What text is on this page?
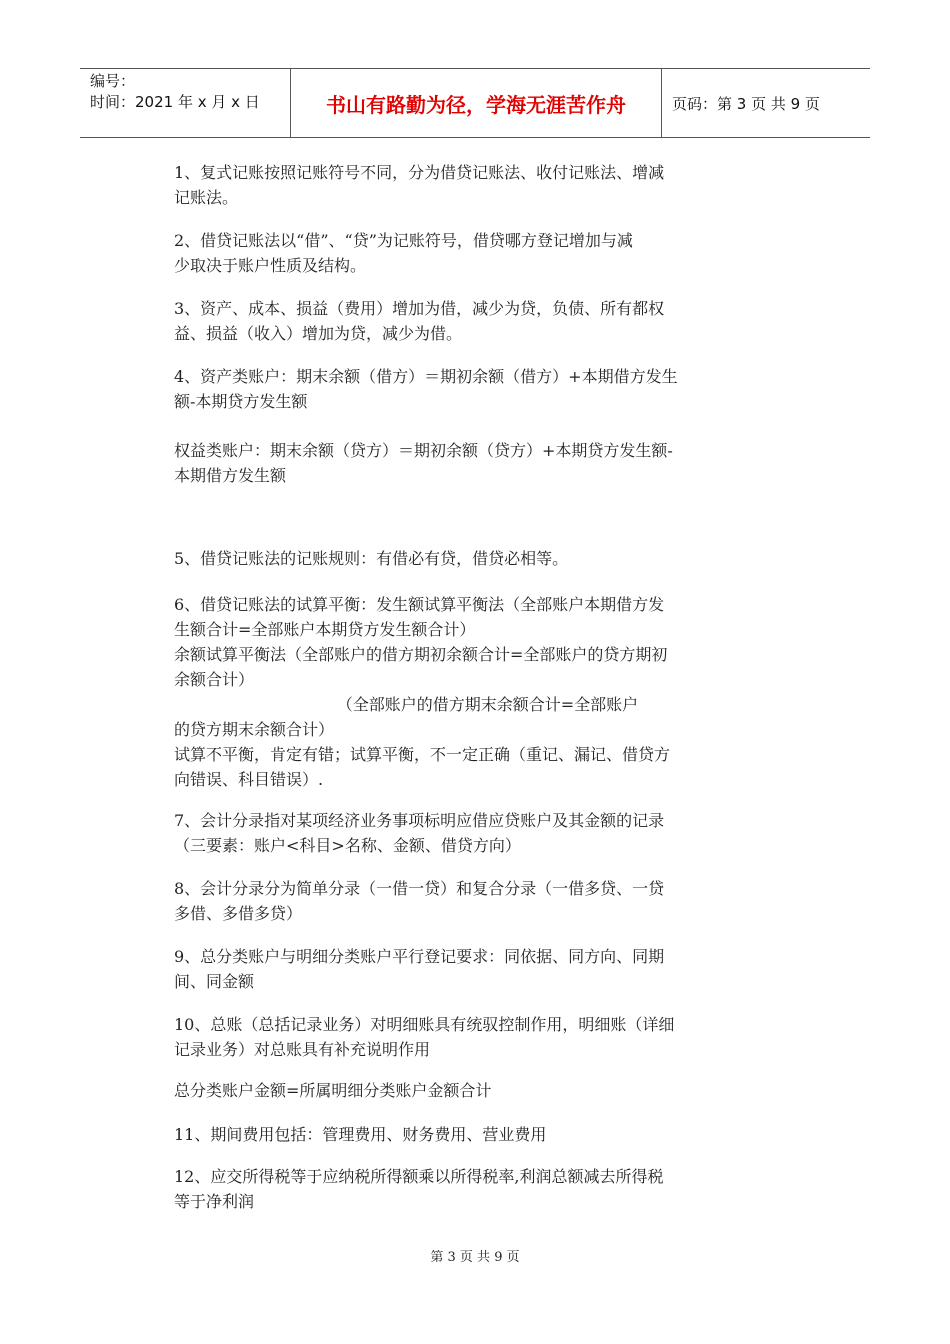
编号：
时间：2021 年 x 月 x 日	书山有路勤为径，学海无涯苦作舟	页码：第 3 页 共 9 页

1、复式记账按照记账符号不同，分为借贷记账法、收付记账法、增减
记账法。

2、借贷记账法以“借”、“贷”为记账符号，借贷哪方登记增加与减
少取决于账户性质及结构。

3、资产、成本、损益（费用）增加为借，减少为贷，负债、所有都权
益、损益（收入）增加为贷，减少为借。

4、资产类账户：期末余额（借方）＝期初余额（借方）+本期借方发生
额-本期贷方发生额

权益类账户：期末余额（贷方）＝期初余额（贷方）+本期贷方发生额-
本期借方发生额

5、借贷记账法的记账规则：有借必有贷，借贷必相等。

6、借贷记账法的试算平衡：发生额试算平衡法（全部账户本期借方发
生额合计=全部账户本期贷方发生额合计）
余额试算平衡法（全部账户的借方期初余额合计=全部账户的贷方期初
余额合计）
（全部账户的借方期末余额合计=全部账户
的贷方期末余额合计）
试算不平衡，肯定有错；试算平衡，不一定正确（重记、漏记、借贷方
向错误、科目错误）.

7、会计分录指对某项经济业务事项标明应借应贷账户及其金额的记录
（三要素：账户<科目>名称、金额、借贷方向）

8、会计分录分为简单分录（一借一贷）和复合分录（一借多贷、一贷
多借、多借多贷）

9、总分类账户与明细分类账户平行登记要求：同依据、同方向、同期
间、同金额

10、总账（总括记录业务）对明细账具有统驭控制作用，明细账（详细
记录业务）对总账具有补充说明作用

总分类账户金额=所属明细分类账户金额合计

11、期间费用包括：管理费用、财务费用、营业费用

12、应交所得税等于应纳税所得额乘以所得税率,利润总额减去所得税
等于净利润

第 3 页 共 9 页
